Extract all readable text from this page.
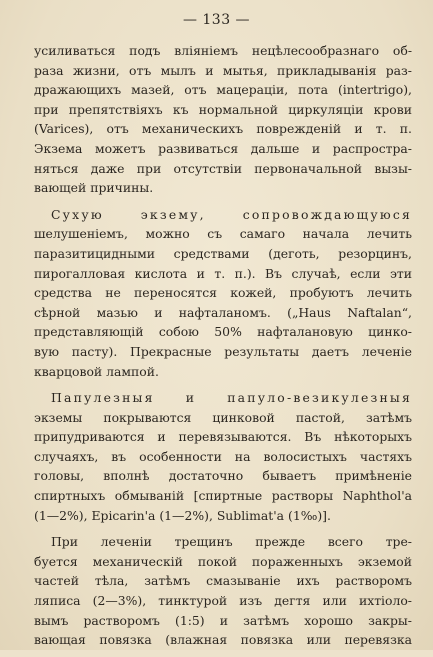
— 133 —
усиливаться подъ вліяніемъ нецѣлесообразнаго об-
раза жизни, отъ мылъ и мытья, прикладыванія раз-
дражающихъ мазей, отъ мацераціи, пота (intertrigo),
при препятствіяхъ къ нормальной циркуляціи крови
(Varices), отъ механическихъ поврежденій и т. п.
Экзема можетъ развиваться дальше и распростра-
няться даже при отсутствіи первоначальной вызы-
вающей причины.
Сухую экзему, сопровождающуюся
шелушеніемъ, можно съ самаго начала лечить
паразитицидными средствами (деготь, резорцинъ,
пирогалловая кислота и т. п.). Въ случаѣ, если эти
средства не переносятся кожей, пробуютъ лечить
сѣрной мазью и нафталаномъ. („Haus Naftalan“,
представляющій собою 50% нафталановую цинко-
вую пасту). Прекрасные результаты даетъ леченіе
кварцовой лампой.
Папулезныя и папуло-везикулезныя
экземы покрываются цинковой пастой, затѣмъ
припудриваются и перевязываются. Въ нѣкоторыхъ
случаяхъ, въ особенности на волосистыхъ частяхъ
головы, вполнѣ достаточно бываетъ примѣненіе
спиртныхъ обмываній [спиртные растворы Naphthol'a
(1—2%), Epicarin'a (1—2%), Sublimat'a (1‰)].
При леченіи трещинъ прежде всего тре-
буется механическій покой пораженныхъ экземой
частей тѣла, затѣмъ смазываніе ихъ растворомъ
ляписа (2—3%), тинктурой изъ дегтя или ихтіоло-
вымъ растворомъ (1:5) и затѣмъ хорошо закры-
вающая повязка (влажная повязка или перевязка
